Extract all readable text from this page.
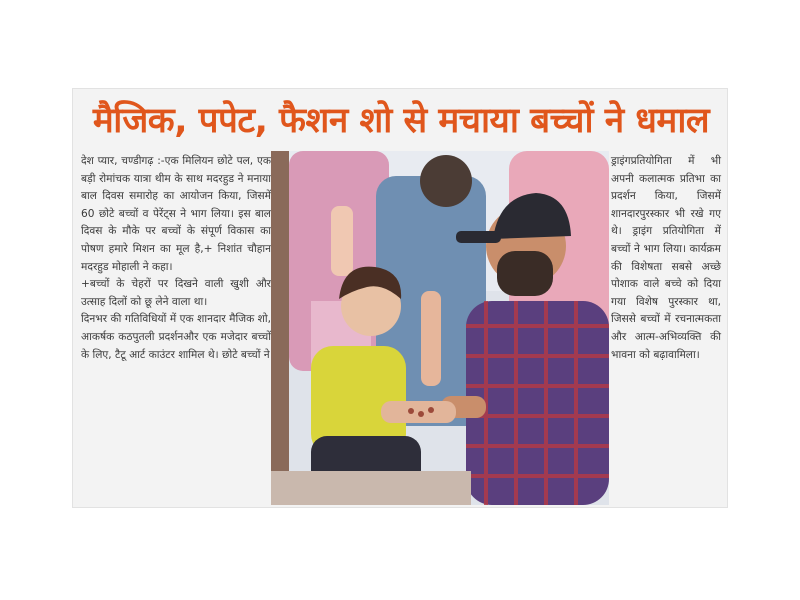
मैजिक, पपेट, फैशन शो से मचाया बच्चों ने धमाल

देश प्यार, चण्डीगढ़ :-एक मिलियन छोटे पल, एक बड़ी रोमांचक यात्रा थीम के साथ मदरहुड ने मनाया बाल दिवस समारोह का आयोजन किया, जिसमें 60 छोटे बच्चों व पेरेंट्स ने भाग लिया। इस बाल दिवस के मौके पर बच्चों के संपूर्ण विकास का पोषण हमारे मिशन का मूल है,+ निशांत चौहान मदरहुड मोहाली ने कहा।

+बच्चों के चेहरों पर दिखने वाली खुशी और उत्साह दिलों को छू लेने वाला था।

दिनभर की गतिविधियों में एक शानदार मैजिक शो, आकर्षक कठपुतली प्रदर्शनऔर एक मजेदार बच्चों के लिए, टैटू आर्ट काउंटर शामिल थे। छोटे बच्चों ने

ड्राइंगप्रतियोगिता में भी अपनी कलात्मक प्रतिभा का प्रदर्शन किया, जिसमें शानदारपुरस्कार भी रखे गए थे। ड्राइंग प्रतियोगिता में बच्चों ने भाग लिया। कार्यक्रम की विशेषता सबसे अच्छे पोशाक वाले बच्चे को दिया गया विशेष पुरस्कार था, जिससे बच्चों में रचनात्मकता और आत्म-अभिव्यक्ति की भावना को बढ़ावामिला।
